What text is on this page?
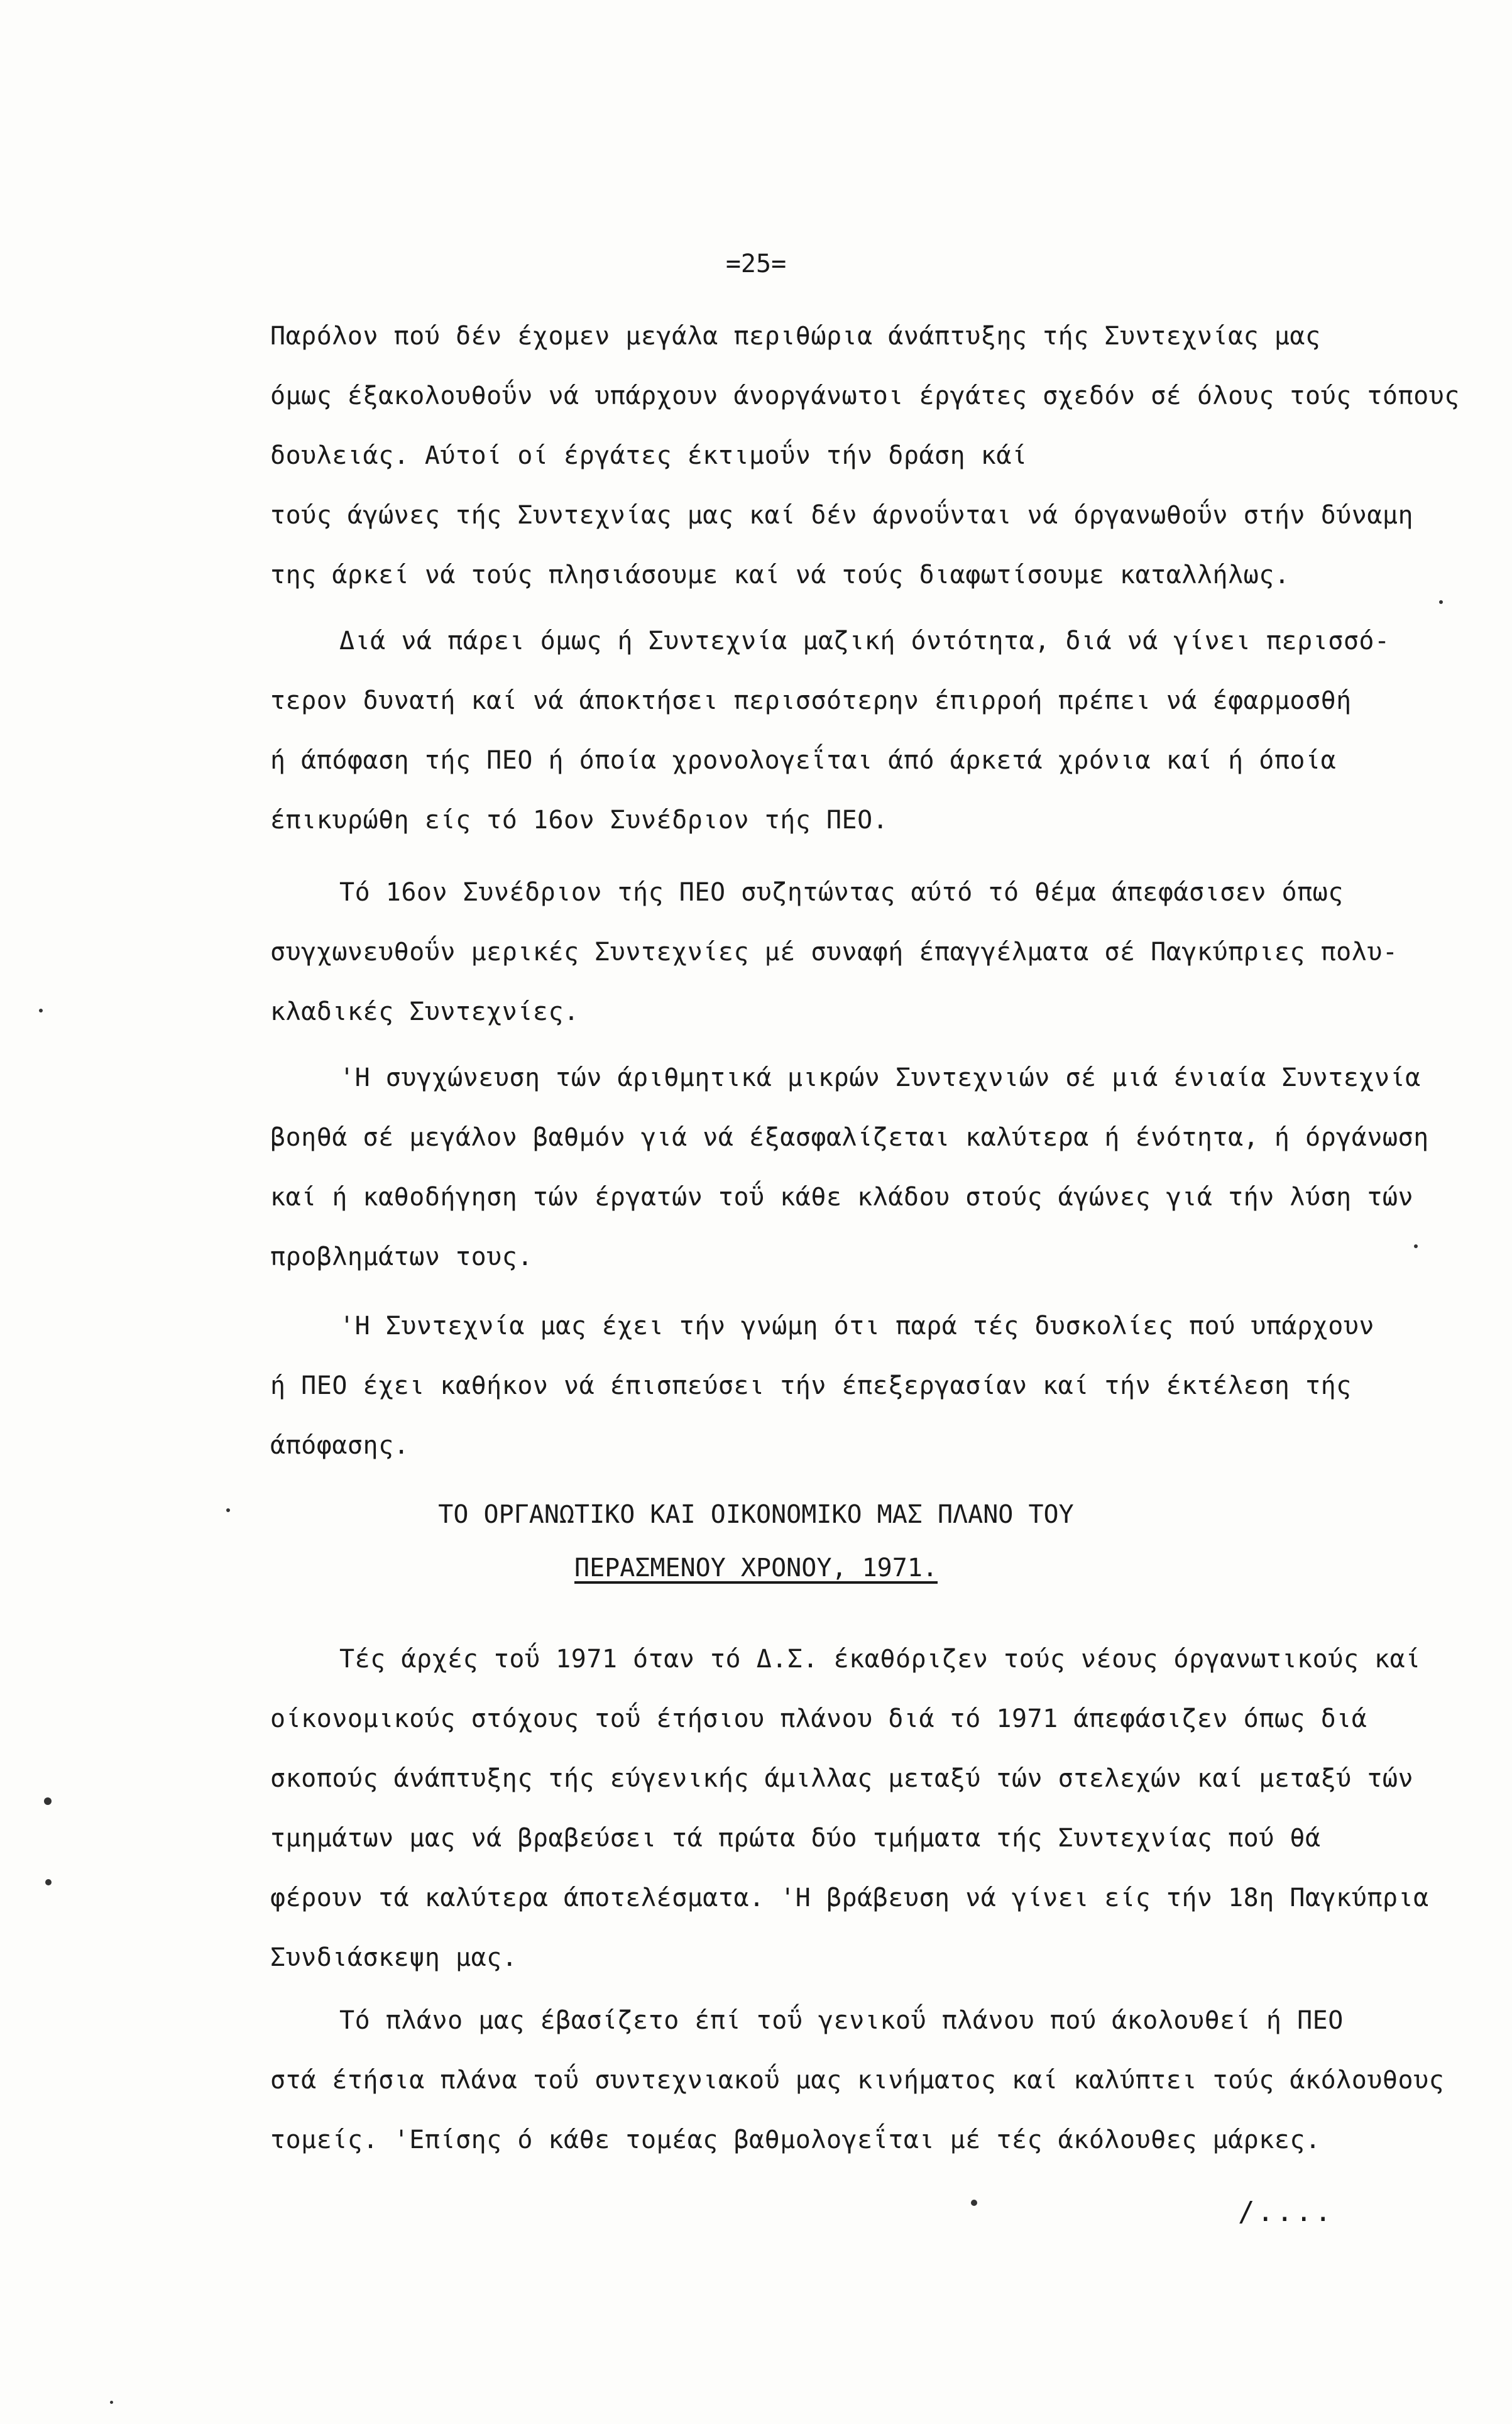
=25=
Παρόλον πού δέν έχομεν μεγάλα περιθώρια άνάπτυξης τής Συντεχνίας μας
όμως έξακολουθοΰν νά υπάρχουν άνοργάνωτοι έργάτες σχεδόν σέ όλους τούς τόπους
δουλειάς. Αύτοί οί έργάτες έκτιμοΰν τήν δράση κάί
τούς άγώνες τής Συντεχνίας μας καί δέν άρνοΰνται νά όργανωθοΰν στήν δύναμη
της άρκεί νά τούς πλησιάσουμε καί νά τούς διαφωτίσουμε καταλλήλως.
Διά νά πάρει όμως ή Συντεχνία μαζική όντότητα, διά νά γίνει περισσό-
τερον δυνατή καί νά άποκτήσει περισσότερην έπιρροή πρέπει νά έφαρμοσθή
ή άπόφαση τής ΠΕΟ ή όποία χρονολογεΐται άπό άρκετά χρόνια καί ή όποία
έπικυρώθη είς τό 16ον Συνέδριον τής ΠΕΟ.
Τό 16ον Συνέδριον τής ΠΕΟ συζητώντας αύτό τό θέμα άπεφάσισεν όπως
συγχωνευθοΰν μερικές Συντεχνίες μέ συναφή έπαγγέλματα σέ Παγκύπριες πολυ-
κλαδικές Συντεχνίες.
'Η συγχώνευση τών άριθμητικά μικρών Συντεχνιών σέ μιά ένιαία Συντεχνία
βοηθά σέ μεγάλον βαθμόν γιά νά έξασφαλίζεται καλύτερα ή ένότητα, ή όργάνωση
καί ή καθοδήγηση τών έργατών τοΰ κάθε κλάδου στούς άγώνες γιά τήν λύση τών
προβλημάτων τους.
'Η Συντεχνία μας έχει τήν γνώμη ότι παρά τές δυσκολίες πού υπάρχουν
ή ΠΕΟ έχει καθήκον νά έπισπεύσει τήν έπεξεργασίαν καί τήν έκτέλεση τής
άπόφασης.
ΤΟ ΟΡΓΑΝΩΤΙΚΟ ΚΑΙ ΟΙΚΟΝΟΜΙΚΟ ΜΑΣ ΠΛΑΝΟ ΤΟΥ
ΠΕΡΑΣΜΕΝΟΥ ΧΡΟΝΟΥ, 1971.
Τές άρχές τοΰ 1971 όταν τό Δ.Σ. έκαθόριζεν τούς νέους όργανωτικούς καί
οίκονομικούς στόχους τοΰ έτήσιου πλάνου διά τό 1971 άπεφάσιζεν όπως διά
σκοπούς άνάπτυξης τής εύγενικής άμιλλας μεταξύ τών στελεχών καί μεταξύ τών
τμημάτων μας νά βραβεύσει τά πρώτα δύο τμήματα τής Συντεχνίας πού θά
φέρουν τά καλύτερα άποτελέσματα. 'Η βράβευση νά γίνει είς τήν 18η Παγκύπρια
Συνδιάσκεψη μας.
Τό πλάνο μας έβασίζετο έπί τοΰ γενικοΰ πλάνου πού άκολουθεί ή ΠΕΟ
στά έτήσια πλάνα τοΰ συντεχνιακοΰ μας κινήματος καί καλύπτει τούς άκόλουθους
τομείς. 'Επίσης ό κάθε τομέας βαθμολογεΐται μέ τές άκόλουθες μάρκες.
/....
